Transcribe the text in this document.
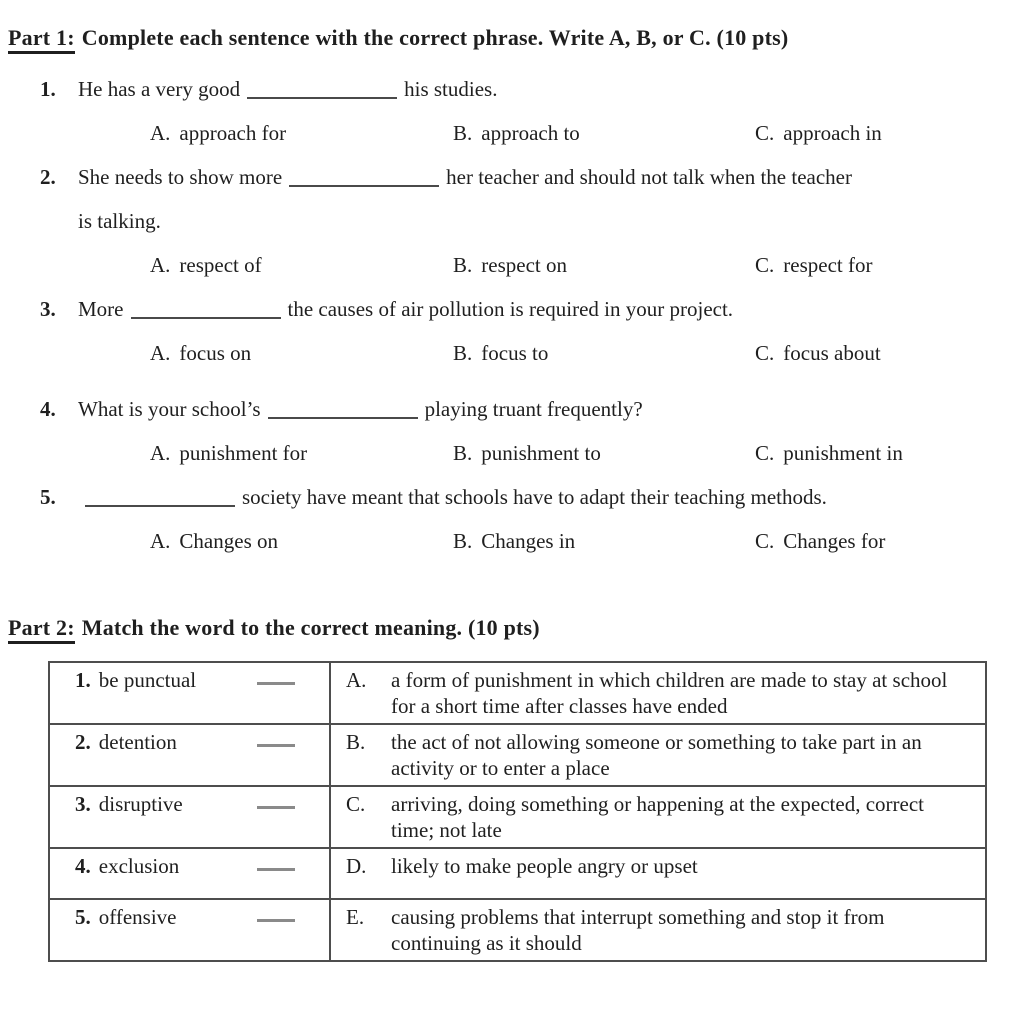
Part 1: Complete each sentence with the correct phrase. Write A, B, or C. (10 pts)
1.	He has a very good	his studies.
A. approach for	B. approach to	C. approach in
2.	She needs to show more	her teacher and should not talk when the teacher
is talking.
A. respect of	B. respect on	C. respect for
3.	More	the causes of air pollution is required in your project.
A. focus on	B. focus to	C. focus about
4.	What is your school’s	playing truant frequently?
A. punishment for	B. punishment to	C. punishment in
5.	society have meant that schools have to adapt their teaching methods.
A. Changes on	B. Changes in	C. Changes for
Part 2: Match the word to the correct meaning. (10 pts)
1. be punctual	A. a form of punishment in which children are made to stay at school for a short time after classes have ended

2. detention	B. the act of not allowing someone or something to take part in an activity or to enter a place

3. disruptive	C. arriving, doing something or happening at the expected, correct time; not late

4. exclusion	D. likely to make people angry or upset

5. offensive	E. causing problems that interrupt something and stop it from continuing as it should
